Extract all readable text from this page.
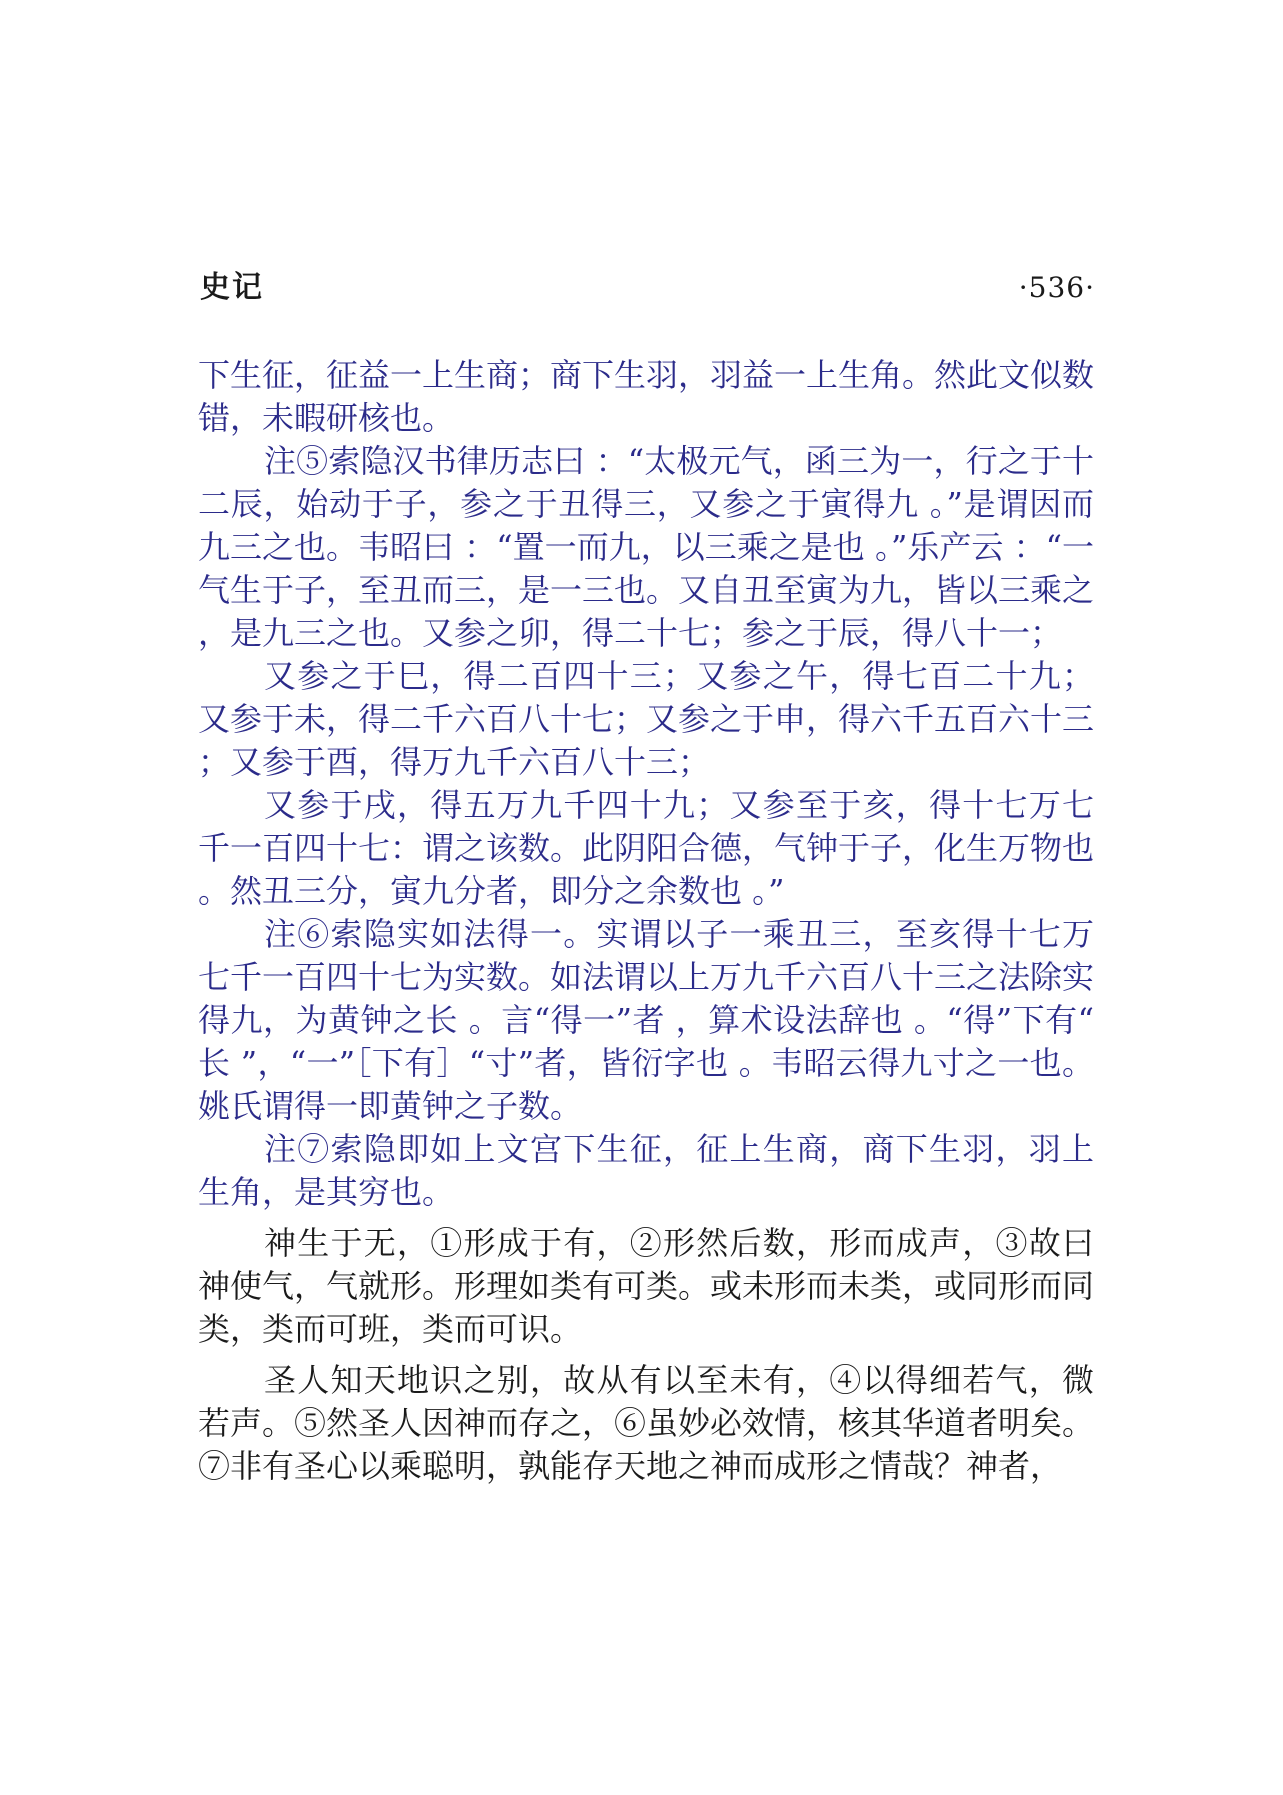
史记	·536·

下生征，征益一上生商；商下生羽，羽益一上生角。然此文似数错，未暇研核也。

注⑤索隐汉书律历志曰 ：“太极元气，函三为一，行之于十二辰，始动于子，参之于丑得三，又参之于寅得九 。”是谓因而九三之也。韦昭曰 ：“置一而九，以三乘之是也 。”乐产云 ：“一气生于子，至丑而三，是一三也。又自丑至寅为九，皆以三乘之，是九三之也。又参之卯，得二十七；参之于辰，得八十一；

又参之于巳，得二百四十三；又参之午，得七百二十九；又参于未，得二千六百八十七；又参之于申，得六千五百六十三；又参于酉，得万九千六百八十三；

又参于戌，得五万九千四十九；又参至于亥，得十七万七千一百四十七：谓之该数。此阴阳合德，气钟于子，化生万物也。然丑三分，寅九分者，即分之余数也 。”

注⑥索隐实如法得一。实谓以子一乘丑三，至亥得十七万七千一百四十七为实数。如法谓以上万九千六百八十三之法除实得九，为黄钟之长 。言“得一”者 ，算术设法辞也 。“得”下有“长 ”，“一”［下有］“寸”者，皆衍字也 。韦昭云得九寸之一也。姚氏谓得一即黄钟之子数。

注⑦索隐即如上文宫下生征，征上生商，商下生羽，羽上生角，是其穷也。

神生于无，①形成于有，②形然后数，形而成声，③故曰神使气，气就形。形理如类有可类。或未形而未类，或同形而同类，类而可班，类而可识。

圣人知天地识之别，故从有以至未有，④以得细若气，微若声。⑤然圣人因神而存之，⑥虽妙必效情，核其华道者明矣。⑦非有圣心以乘聪明，孰能存天地之神而成形之情哉？神者，
